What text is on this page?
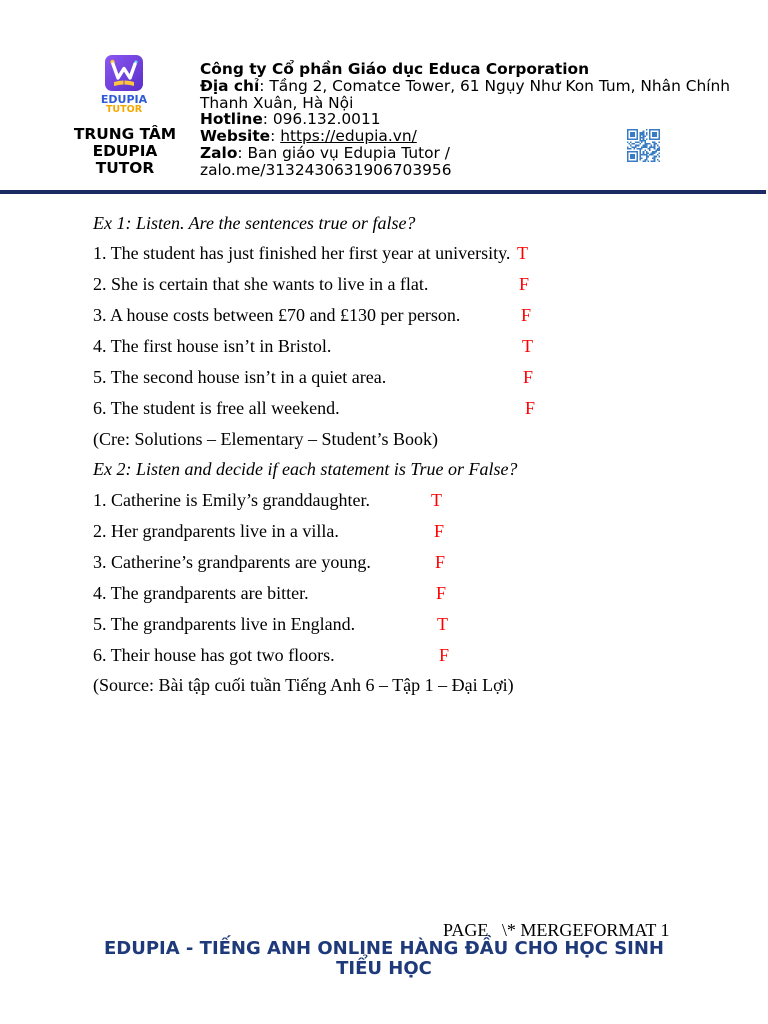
EDUPIA
TUTOR
TRUNG TÂM
EDUPIA
TUTOR
Công ty Cổ phần Giáo dục Educa Corporation
Địa chỉ: Tầng 2, Comatce Tower, 61 Ngụy Như Kon Tum, Nhân Chính
Thanh Xuân, Hà Nội
Hotline: 096.132.0011
Website: https://edupia.vn/
Zalo: Ban giáo vụ Edupia Tutor /
zalo.me/3132430631906703956
Ex 1: Listen. Are the sentences true or false?
1. The student has just finished her first year at university. T
2. She is certain that she wants to live in a flat.	F
3. A house costs between £70 and £130 per person.	F
4. The first house isn’t in Bristol.	T
5. The second house isn’t in a quiet area.	F
6. The student is free all weekend.	F
(Cre: Solutions – Elementary – Student’s Book)
Ex 2: Listen and decide if each statement is True or False?
1. Catherine is Emily’s granddaughter.	T
2. Her grandparents live in a villa.	F
3. Catherine’s grandparents are young.	F
4. The grandparents are bitter.	F
5. The grandparents live in England.	T
6. Their house has got two floors.	F
(Source: Bài tập cuối tuần Tiếng Anh 6 – Tập 1 – Đại Lợi)
PAGE   \* MERGEFORMAT 1
EDUPIA - TIẾNG ANH ONLINE HÀNG ĐẦU CHO HỌC SINH
TIỂU HỌC
